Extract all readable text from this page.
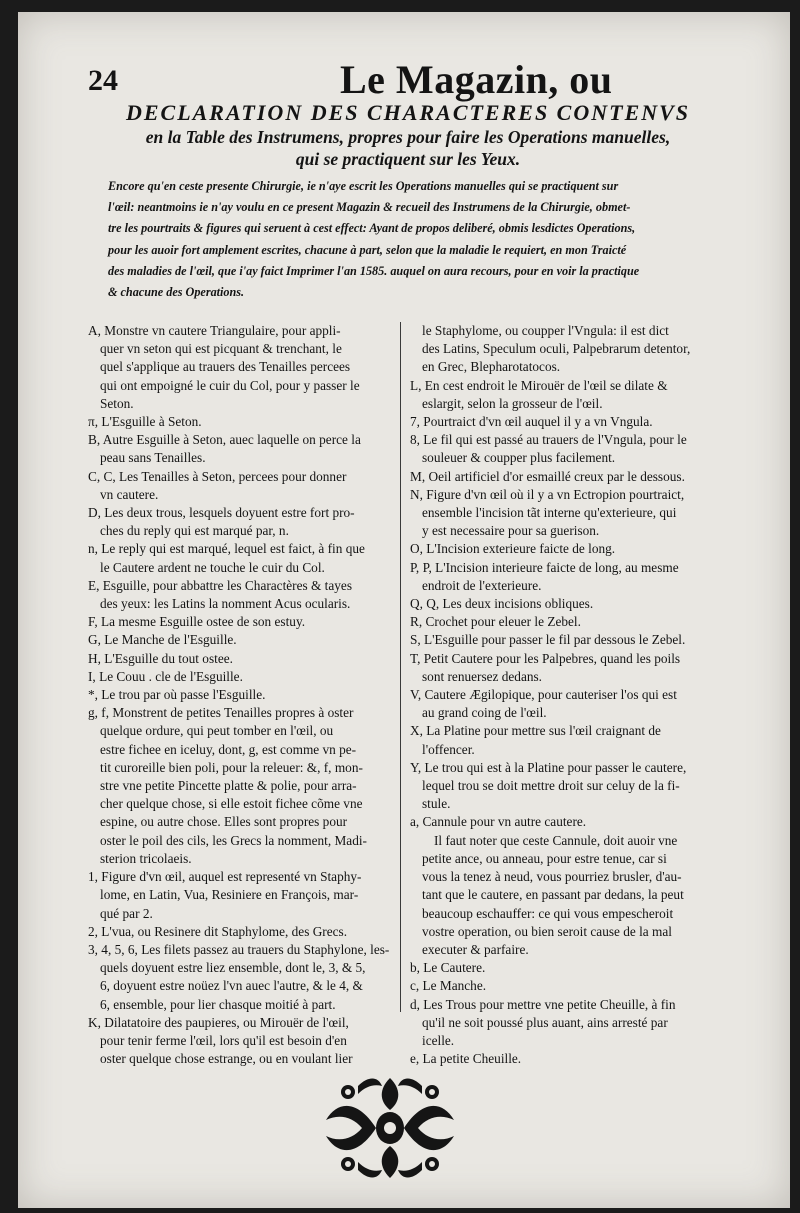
24	Le Magazin, ou
DECLARATION DES CHARACTERES CONTENVS
en la Table des Instrumens, propres pour faire les Operations manuelles,
qui se practiquent sur les Yeux.
Encore qu'en ceste presente Chirurgie, ie n'aye escrit les Operations manuelles qui se practiquent sur
l'œil: neantmoins ie n'ay voulu en ce present Magazin & recueil des Instrumens de la Chirurgie, obmet-
tre les pourtraits & figures qui seruent à cest effect: Ayant de propos deliberé, obmis lesdictes Operations,
pour les auoir fort amplement escrites, chacune à part, selon que la maladie le requiert, en mon Traicté
des maladies de l'œil, que i'ay faict Imprimer l'an 1585. auquel on aura recours, pour en voir la practique
& chacune des Operations.
A, Monstre vn cautere Triangulaire, pour appli-
quer vn seton qui est picquant & trenchant, le
quel s'applique au trauers des Tenailles percees
qui ont empoigné le cuir du Col, pour y passer le
Seton.
π, L'Esguille à Seton.
B, Autre Esguille à Seton, auec laquelle on perce la
peau sans Tenailles.
C, C, Les Tenailles à Seton, percees pour donner
vn cautere.
D, Les deux trous, lesquels doyuent estre fort pro-
ches du reply qui est marqué par, n.
n, Le reply qui est marqué, lequel est faict, à fin que
le Cautere ardent ne touche le cuir du Col.
E, Esguille, pour abbattre les Charactères & tayes
des yeux: les Latins la nomment Acus ocularis.
F, La mesme Esguille ostee de son estuy.
G, Le Manche de l'Esguille.
H, L'Esguille du tout ostee.
I, Le Couu . cle de l'Esguille.
*, Le trou par où passe l'Esguille.
g, f, Monstrent de petites Tenailles propres à oster
quelque ordure, qui peut tomber en l'œil, ou
estre fichee en iceluy, dont, g, est comme vn pe-
tit curoreille bien poli, pour la releuer: &, f, mon-
stre vne petite Pincette platte & polie, pour arra-
cher quelque chose, si elle estoit fichee cõme vne
espine, ou autre chose. Elles sont propres pour
oster le poil des cils, les Grecs la nomment, Madi-
sterion tricolaeis.
1, Figure d'vn œil, auquel est representé vn Staphy-
lome, en Latin, Vua, Resiniere en François, mar-
qué par 2.
2, L'vua, ou Resinere dit Staphylome, des Grecs.
3, 4, 5, 6, Les filets passez au trauers du Staphylone, les-
quels doyuent estre liez ensemble, dont le, 3, & 5,
6, doyuent estre noüez l'vn auec l'autre, & le 4, &
6, ensemble, pour lier chasque moitié à part.
K, Dilatatoire des paupieres, ou Mirouër de l'œil,
pour tenir ferme l'œil, lors qu'il est besoin d'en
oster quelque chose estrange, ou en voulant lier
le Staphylome, ou coupper l'Vngula: il est dict
des Latins, Speculum oculi, Palpebrarum detentor,
en Grec, Blepharotatocos.
L, En cest endroit le Mirouër de l'œil se dilate &
eslargit, selon la grosseur de l'œil.
7, Pourtraict d'vn œil auquel il y a vn Vngula.
8, Le fil qui est passé au trauers de l'Vngula, pour le
souleuer & coupper plus facilement.
M, Oeil artificiel d'or esmaillé creux par le dessous.
N, Figure d'vn œil où il y a vn Ectropion pourtraict,
ensemble l'incision tãt interne qu'exterieure, qui
y est necessaire pour sa guerison.
O, L'Incision exterieure faicte de long.
P, P, L'Incision interieure faicte de long, au mesme
endroit de l'exterieure.
Q, Q, Les deux incisions obliques.
R, Crochet pour eleuer le Zebel.
S, L'Esguille pour passer le fil par dessous le Zebel.
T, Petit Cautere pour les Palpebres, quand les poils
sont renuersez dedans.
V, Cautere Ægilopique, pour cauteriser l'os qui est
au grand coing de l'œil.
X, La Platine pour mettre sus l'œil craignant de
l'offencer.
Y, Le trou qui est à la Platine pour passer le cautere,
lequel trou se doit mettre droit sur celuy de la fi-
stule.
a, Cannule pour vn autre cautere.
Il faut noter que ceste Cannule, doit auoir vne
petite ance, ou anneau, pour estre tenue, car si
vous la tenez à neud, vous pourriez brusler, d'au-
tant que le cautere, en passant par dedans, la peut
beaucoup eschauffer: ce qui vous empescheroit
vostre operation, ou bien seroit cause de la mal
executer & parfaire.
b, Le Cautere.
c, Le Manche.
d, Les Trous pour mettre vne petite Cheuille, à fin
qu'il ne soit poussé plus auant, ains arresté par
icelle.
e, La petite Cheuille.
